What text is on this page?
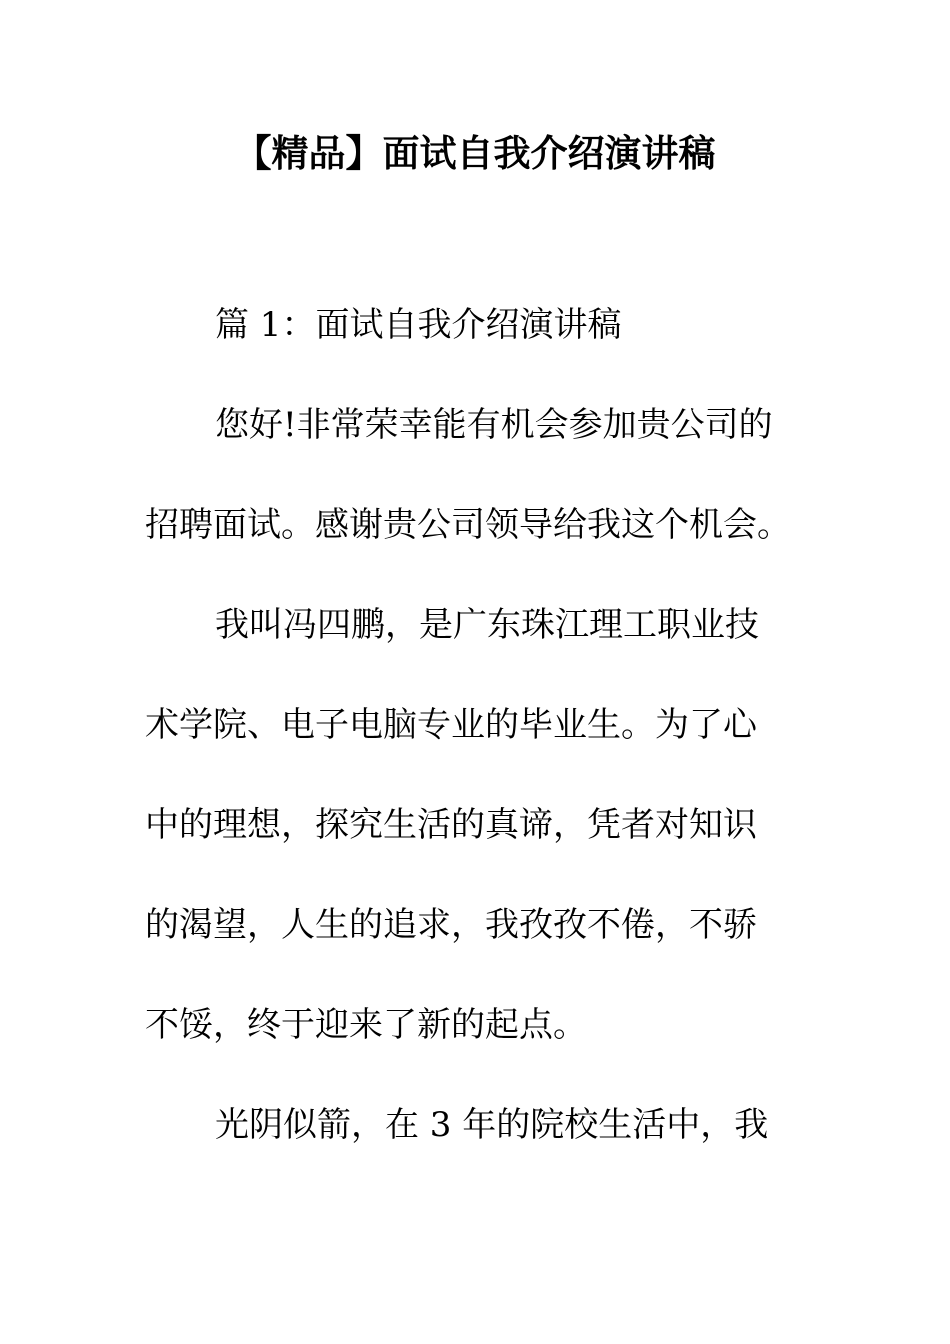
【精品】面试自我介绍演讲稿
篇 1：面试自我介绍演讲稿
您好!非常荣幸能有机会参加贵公司的
招聘面试。感谢贵公司领导给我这个机会。
我叫冯四鹏，是广东珠江理工职业技
术学院、电子电脑专业的毕业生。为了心
中的理想，探究生活的真谛，凭者对知识
的渴望，人生的追求，我孜孜不倦，不骄
不馁，终于迎来了新的起点。
光阴似箭，在 3 年的院校生活中，我
